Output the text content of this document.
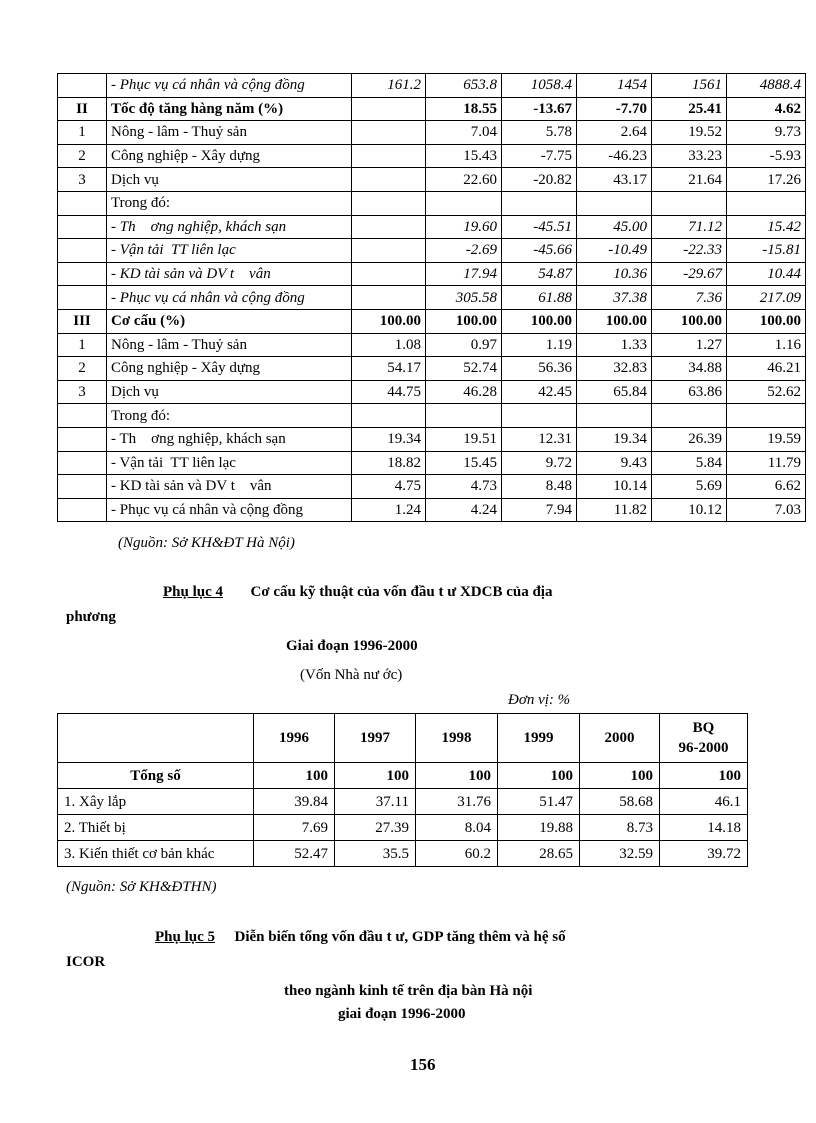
	- Phục vụ cá nhân và cộng đồng	161.2	653.8	1058.4	1454	1561	4888.4
II	Tốc độ tăng hàng năm (%)		18.55	-13.67	-7.70	25.41	4.62
1	Nông - lâm - Thuỷ sản		7.04	5.78	2.64	19.52	9.73
2	Công nghiệp - Xây dựng		15.43	-7.75	-46.23	33.23	-5.93
3	Dịch vụ		22.60	-20.82	43.17	21.64	17.26
	Trong đó:						
	- Th    ơng nghiệp, khách sạn		19.60	-45.51	45.00	71.12	15.42
	- Vận tải  TT liên lạc		-2.69	-45.66	-10.49	-22.33	-15.81
	- KD tài sản và DV t    vân		17.94	54.87	10.36	-29.67	10.44
	- Phục vụ cá nhân và cộng đồng		305.58	61.88	37.38	7.36	217.09
III	Cơ cấu (%)	100.00	100.00	100.00	100.00	100.00	100.00
1	Nông - lâm - Thuỷ sản	1.08	0.97	1.19	1.33	1.27	1.16
2	Công nghiệp - Xây dựng	54.17	52.74	56.36	32.83	34.88	46.21
3	Dịch vụ	44.75	46.28	42.45	65.84	63.86	52.62
	Trong đó:						
	- Th    ơng nghiệp, khách sạn	19.34	19.51	12.31	19.34	26.39	19.59
	- Vận tải  TT liên lạc	18.82	15.45	9.72	9.43	5.84	11.79
	- KD tài sản và DV t    vân	4.75	4.73	8.48	10.14	5.69	6.62
	- Phục vụ cá nhân và cộng đồng	1.24	4.24	7.94	11.82	10.12	7.03
(Nguồn: Sở KH&ĐT Hà Nội)
Phụ lục 4 Cơ cấu kỹ thuật của vốn đầu t ư XDCB của địa
phương
Giai đoạn 1996-2000
(Vốn Nhà nư ớc)
Đơn vị: %
	1996	1997	1998	1999	2000	BQ
96-2000

Tổng số	100	100	100	100	100	100
1. Xây lắp	39.84	37.11	31.76	51.47	58.68	46.1
2. Thiết bị	7.69	27.39	8.04	19.88	8.73	14.18
3. Kiến thiết cơ bản khác	52.47	35.5	60.2	28.65	32.59	39.72
(Nguồn: Sở KH&ĐTHN)
Phụ lục 5 Diễn biến tổng vốn đầu t ư, GDP tăng thêm và hệ số
ICOR
theo ngành kinh tế trên địa bàn Hà nội
giai đoạn 1996-2000
156
